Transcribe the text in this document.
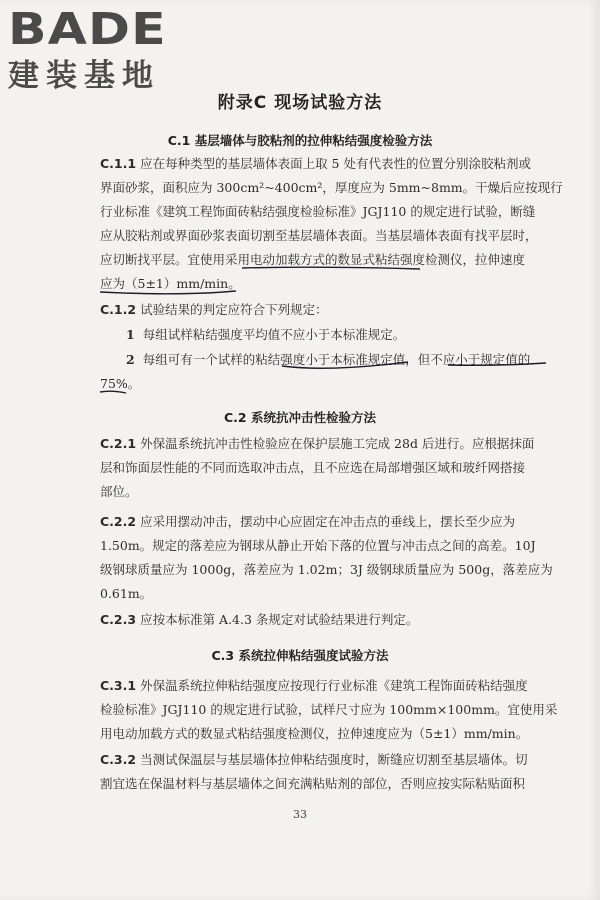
BADE
建装基地
附录C 现场试验方法
C.1 基层墙体与胶粘剂的拉伸粘结强度检验方法
C.1.1 应在每种类型的基层墙体表面上取 5 处有代表性的位置分别涂胶粘剂或
界面砂浆，面积应为 300cm²~400cm²，厚度应为 5mm~8mm。干燥后应按现行
行业标准《建筑工程饰面砖粘结强度检验标准》JGJ110 的规定进行试验，断缝
应从胶粘剂或界面砂浆表面切割至基层墙体表面。当基层墙体表面有找平层时，
应切断找平层。宜使用采用电动加载方式的数显式粘结强度检测仪，拉伸速度
应为（5±1）mm/min。
C.1.2 试验结果的判定应符合下列规定：
1 每组试样粘结强度平均值不应小于本标准规定。
2 每组可有一个试样的粘结强度小于本标准规定值，但不应小于规定值的
75%。
C.2 系统抗冲击性检验方法
C.2.1 外保温系统抗冲击性检验应在保护层施工完成 28d 后进行。应根据抹面
层和饰面层性能的不同而选取冲击点，且不应选在局部增强区域和玻纤网搭接
部位。
C.2.2 应采用摆动冲击，摆动中心应固定在冲击点的垂线上，摆长至少应为
1.50m。规定的落差应为钢球从静止开始下落的位置与冲击点之间的高差。10J
级钢球质量应为 1000g，落差应为 1.02m；3J 级钢球质量应为 500g，落差应为
0.61m。
C.2.3 应按本标准第 A.4.3 条规定对试验结果进行判定。
C.3 系统拉伸粘结强度试验方法
C.3.1 外保温系统拉伸粘结强度应按现行行业标准《建筑工程饰面砖粘结强度
检验标准》JGJ110 的规定进行试验，试样尺寸应为 100mm×100mm。宜使用采
用电动加载方式的数显式粘结强度检测仪，拉伸速度应为（5±1）mm/min。
C.3.2 当测试保温层与基层墙体拉伸粘结强度时，断缝应切割至基层墙体。切
割宜选在保温材料与基层墙体之间充满粘贴剂的部位，否则应按实际粘贴面积
33
